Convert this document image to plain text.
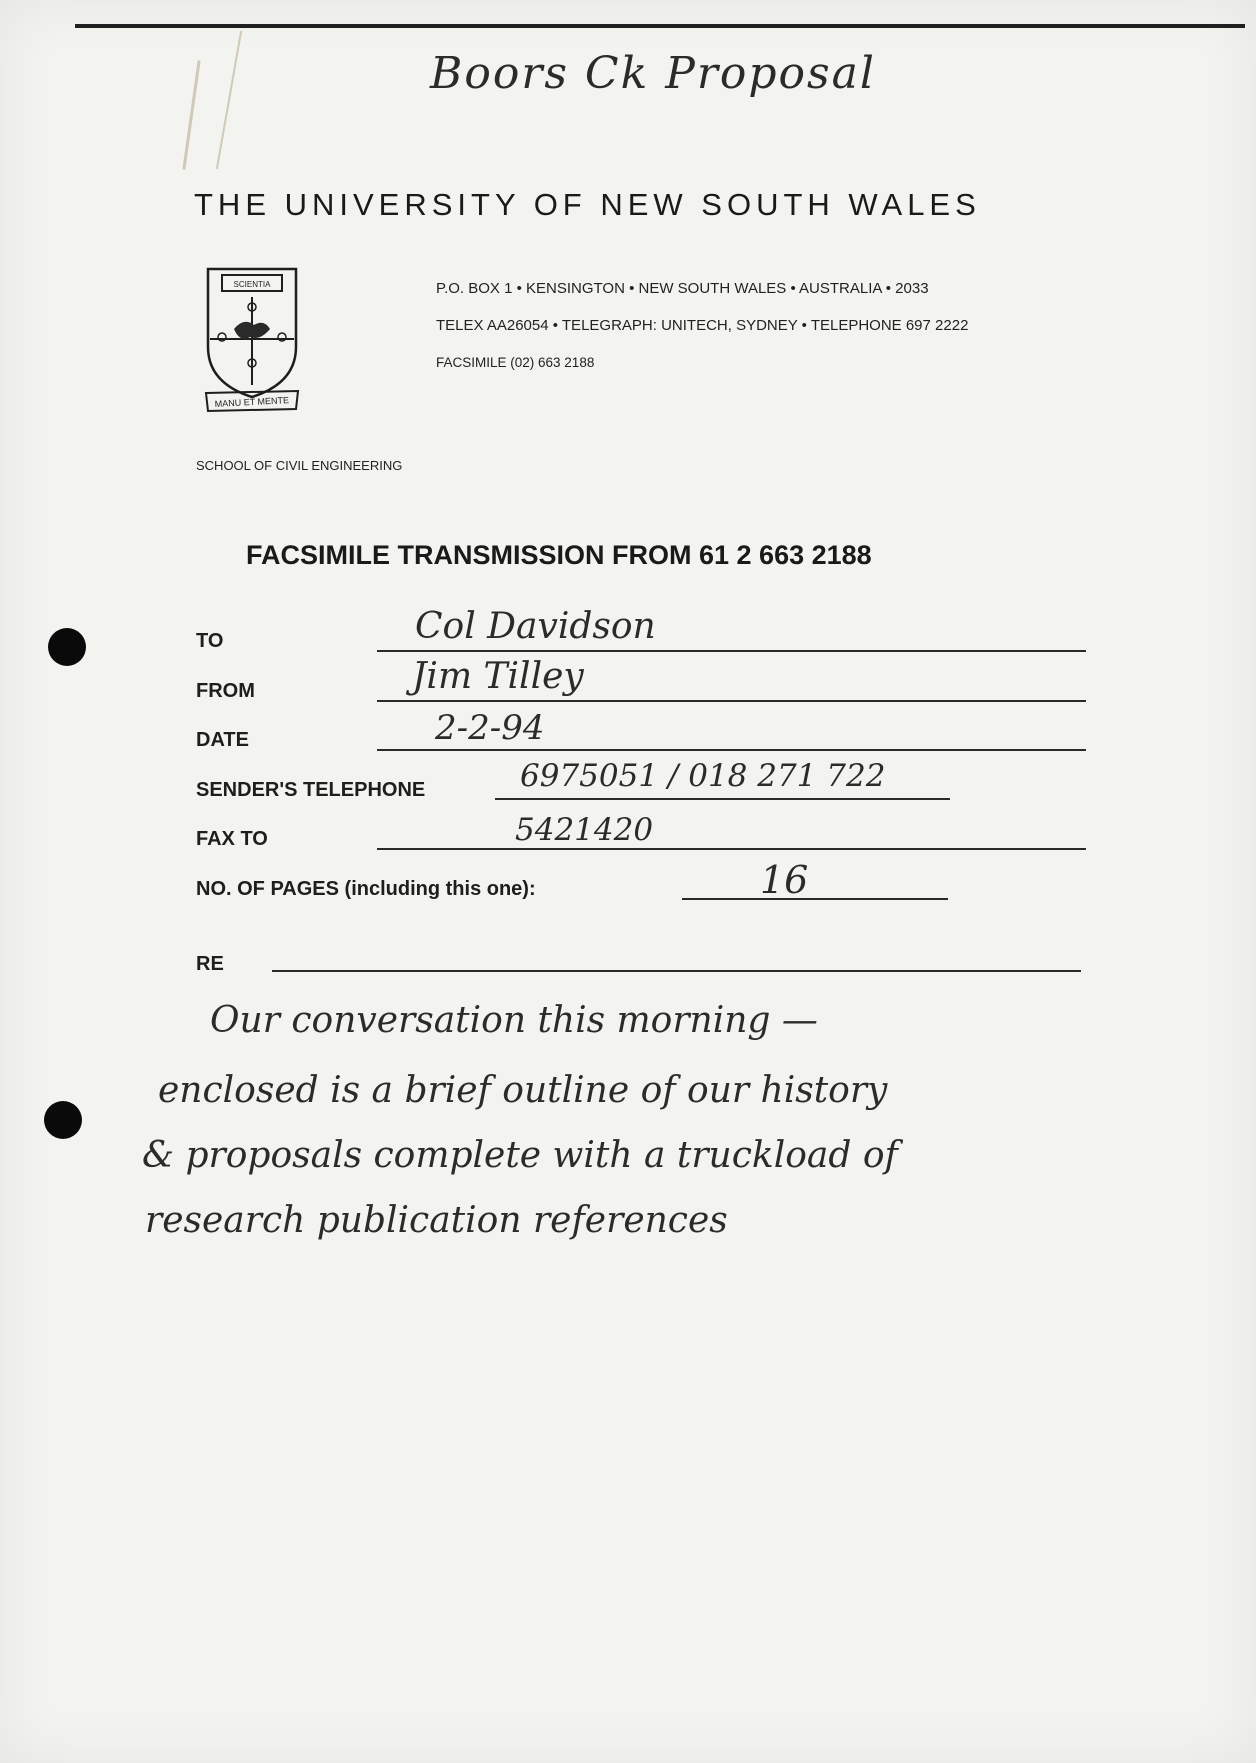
Boors Ck Proposal
THE UNIVERSITY OF NEW SOUTH WALES
SCIENTIA
MANU ET MENTE
P.O. BOX 1 • KENSINGTON • NEW SOUTH WALES • AUSTRALIA • 2033
TELEX AA26054 • TELEGRAPH: UNITECH, SYDNEY • TELEPHONE 697 2222
FACSIMILE (02) 663 2188
SCHOOL OF CIVIL ENGINEERING
FACSIMILE TRANSMISSION FROM 61 2 663 2188
TO	Col Davidson
FROM	Jim Tilley
DATE	2-2-94
SENDER'S TELEPHONE	6975051 / 018 271 722
FAX TO	5421420
NO. OF PAGES (including this one):	16
RE
Our conversation this morning —
enclosed is a brief outline of our history
& proposals complete with a truckload of
research publication references
